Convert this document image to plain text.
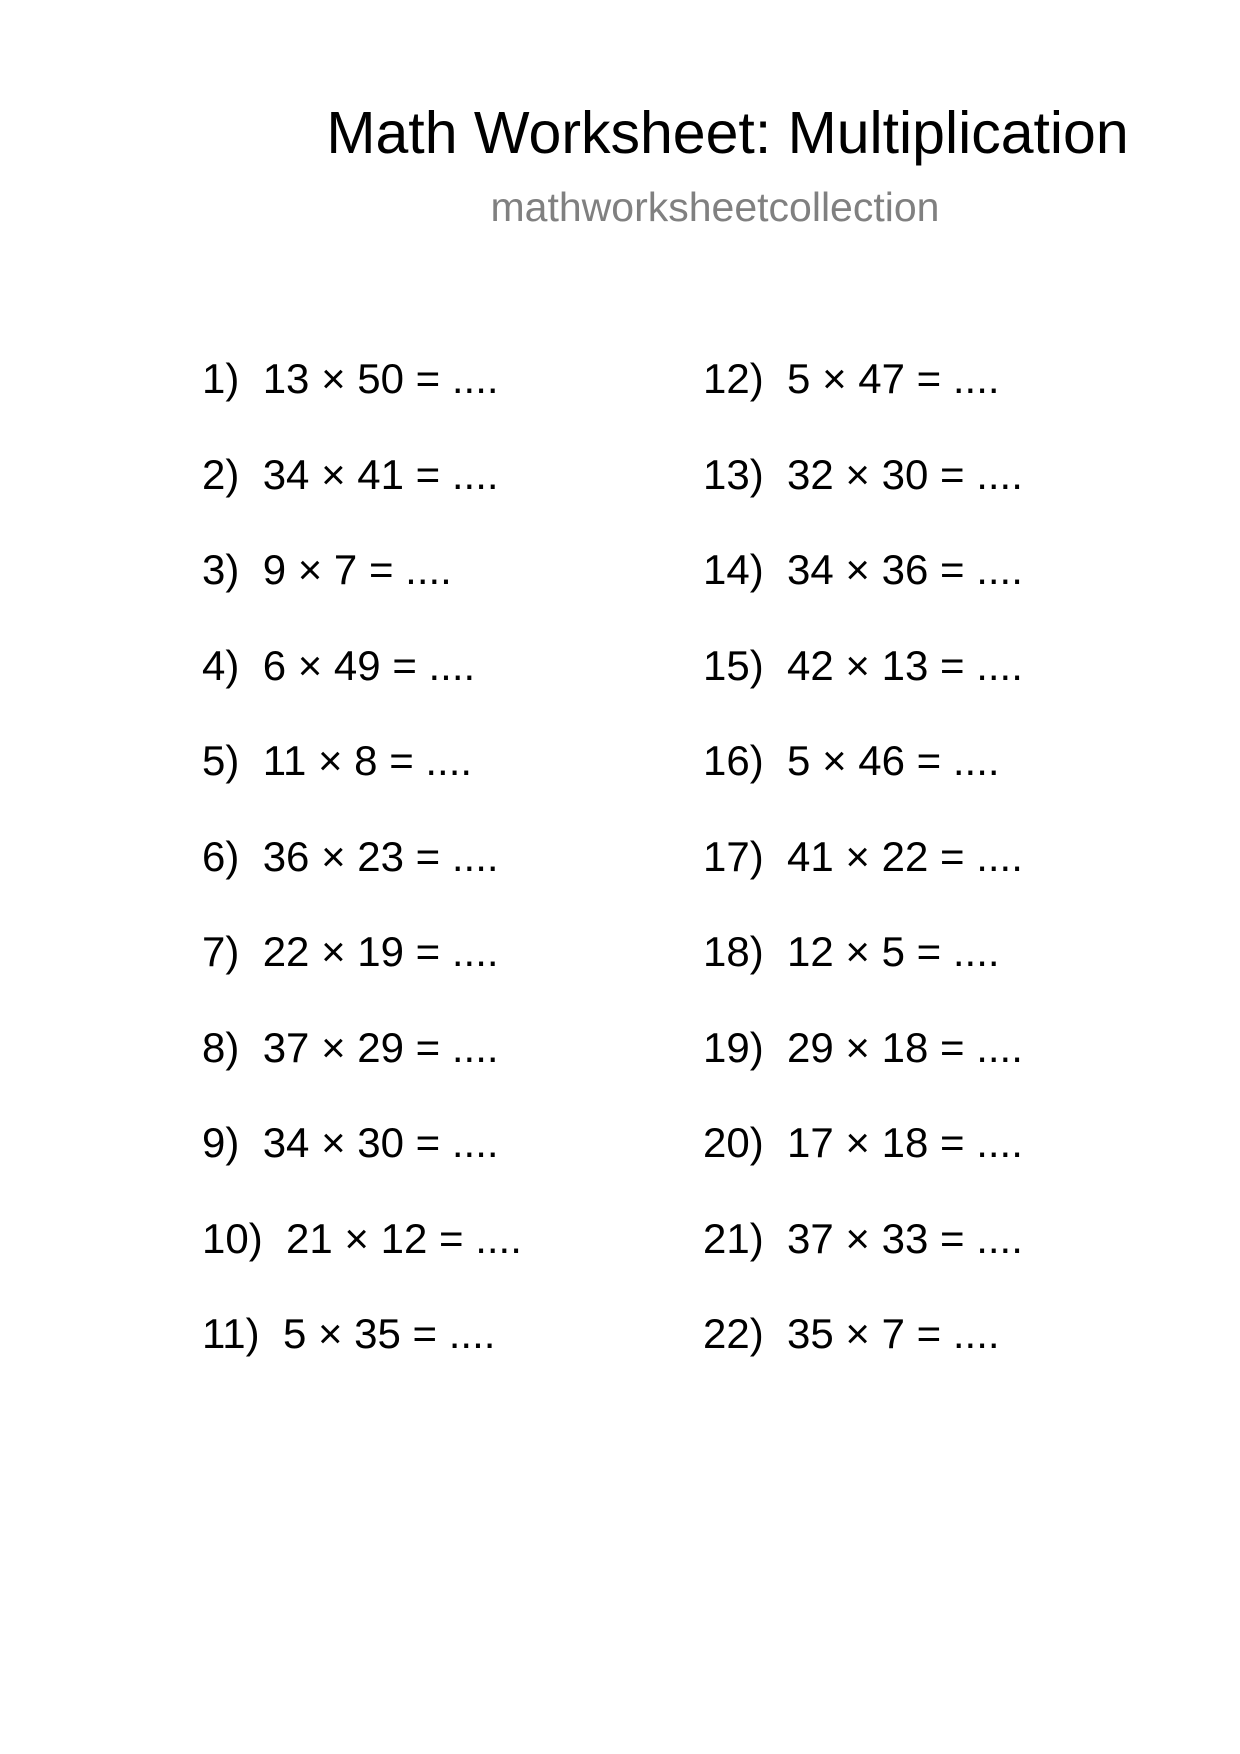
Math Worksheet: Multiplication
mathworksheetcollection
1) 13 × 50 = ....
2) 34 × 41 = ....
3) 9 × 7 = ....
4) 6 × 49 = ....
5) 11 × 8 = ....
6) 36 × 23 = ....
7) 22 × 19 = ....
8) 37 × 29 = ....
9) 34 × 30 = ....
10) 21 × 12 = ....
11) 5 × 35 = ....
12) 5 × 47 = ....
13) 32 × 30 = ....
14) 34 × 36 = ....
15) 42 × 13 = ....
16) 5 × 46 = ....
17) 41 × 22 = ....
18) 12 × 5 = ....
19) 29 × 18 = ....
20) 17 × 18 = ....
21) 37 × 33 = ....
22) 35 × 7 = ....
